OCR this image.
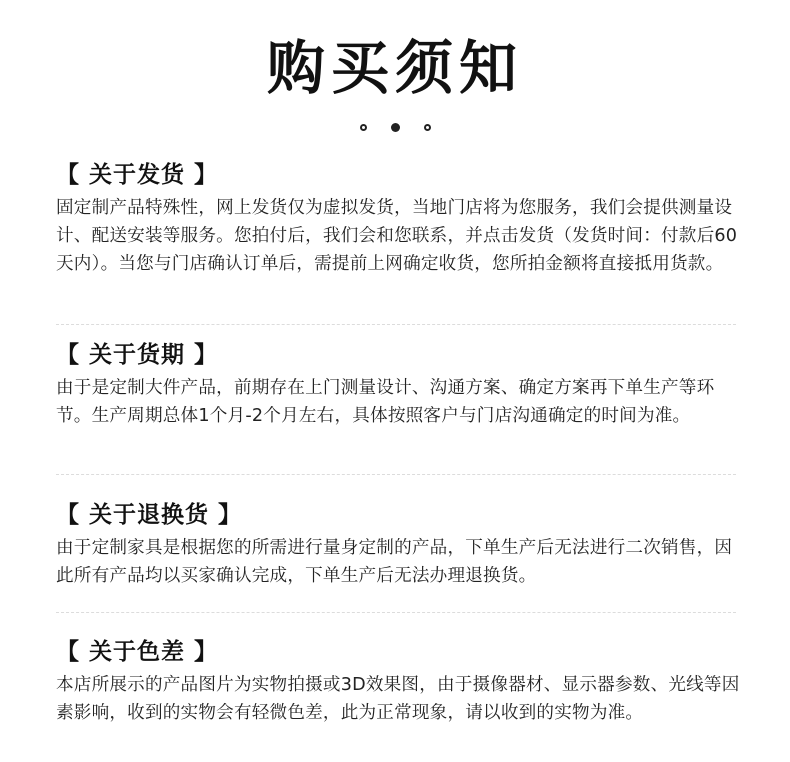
购买须知
【 关于发货 】
固定制产品特殊性，网上发货仅为虚拟发货，当地门店将为您服务，我们会提供测量设计、配送安装等服务。您拍付后，我们会和您联系，并点击发货（发货时间：付款后60天内）。当您与门店确认订单后，需提前上网确定收货，您所拍金额将直接抵用货款。
【 关于货期 】
由于是定制大件产品，前期存在上门测量设计、沟通方案、确定方案再下单生产等环节。生产周期总体1个月-2个月左右，具体按照客户与门店沟通确定的时间为准。
【 关于退换货 】
由于定制家具是根据您的所需进行量身定制的产品，下单生产后无法进行二次销售，因此所有产品均以买家确认完成，下单生产后无法办理退换货。
【 关于色差 】
本店所展示的产品图片为实物拍摄或3D效果图，由于摄像器材、显示器参数、光线等因素影响，收到的实物会有轻微色差，此为正常现象，请以收到的实物为准。
